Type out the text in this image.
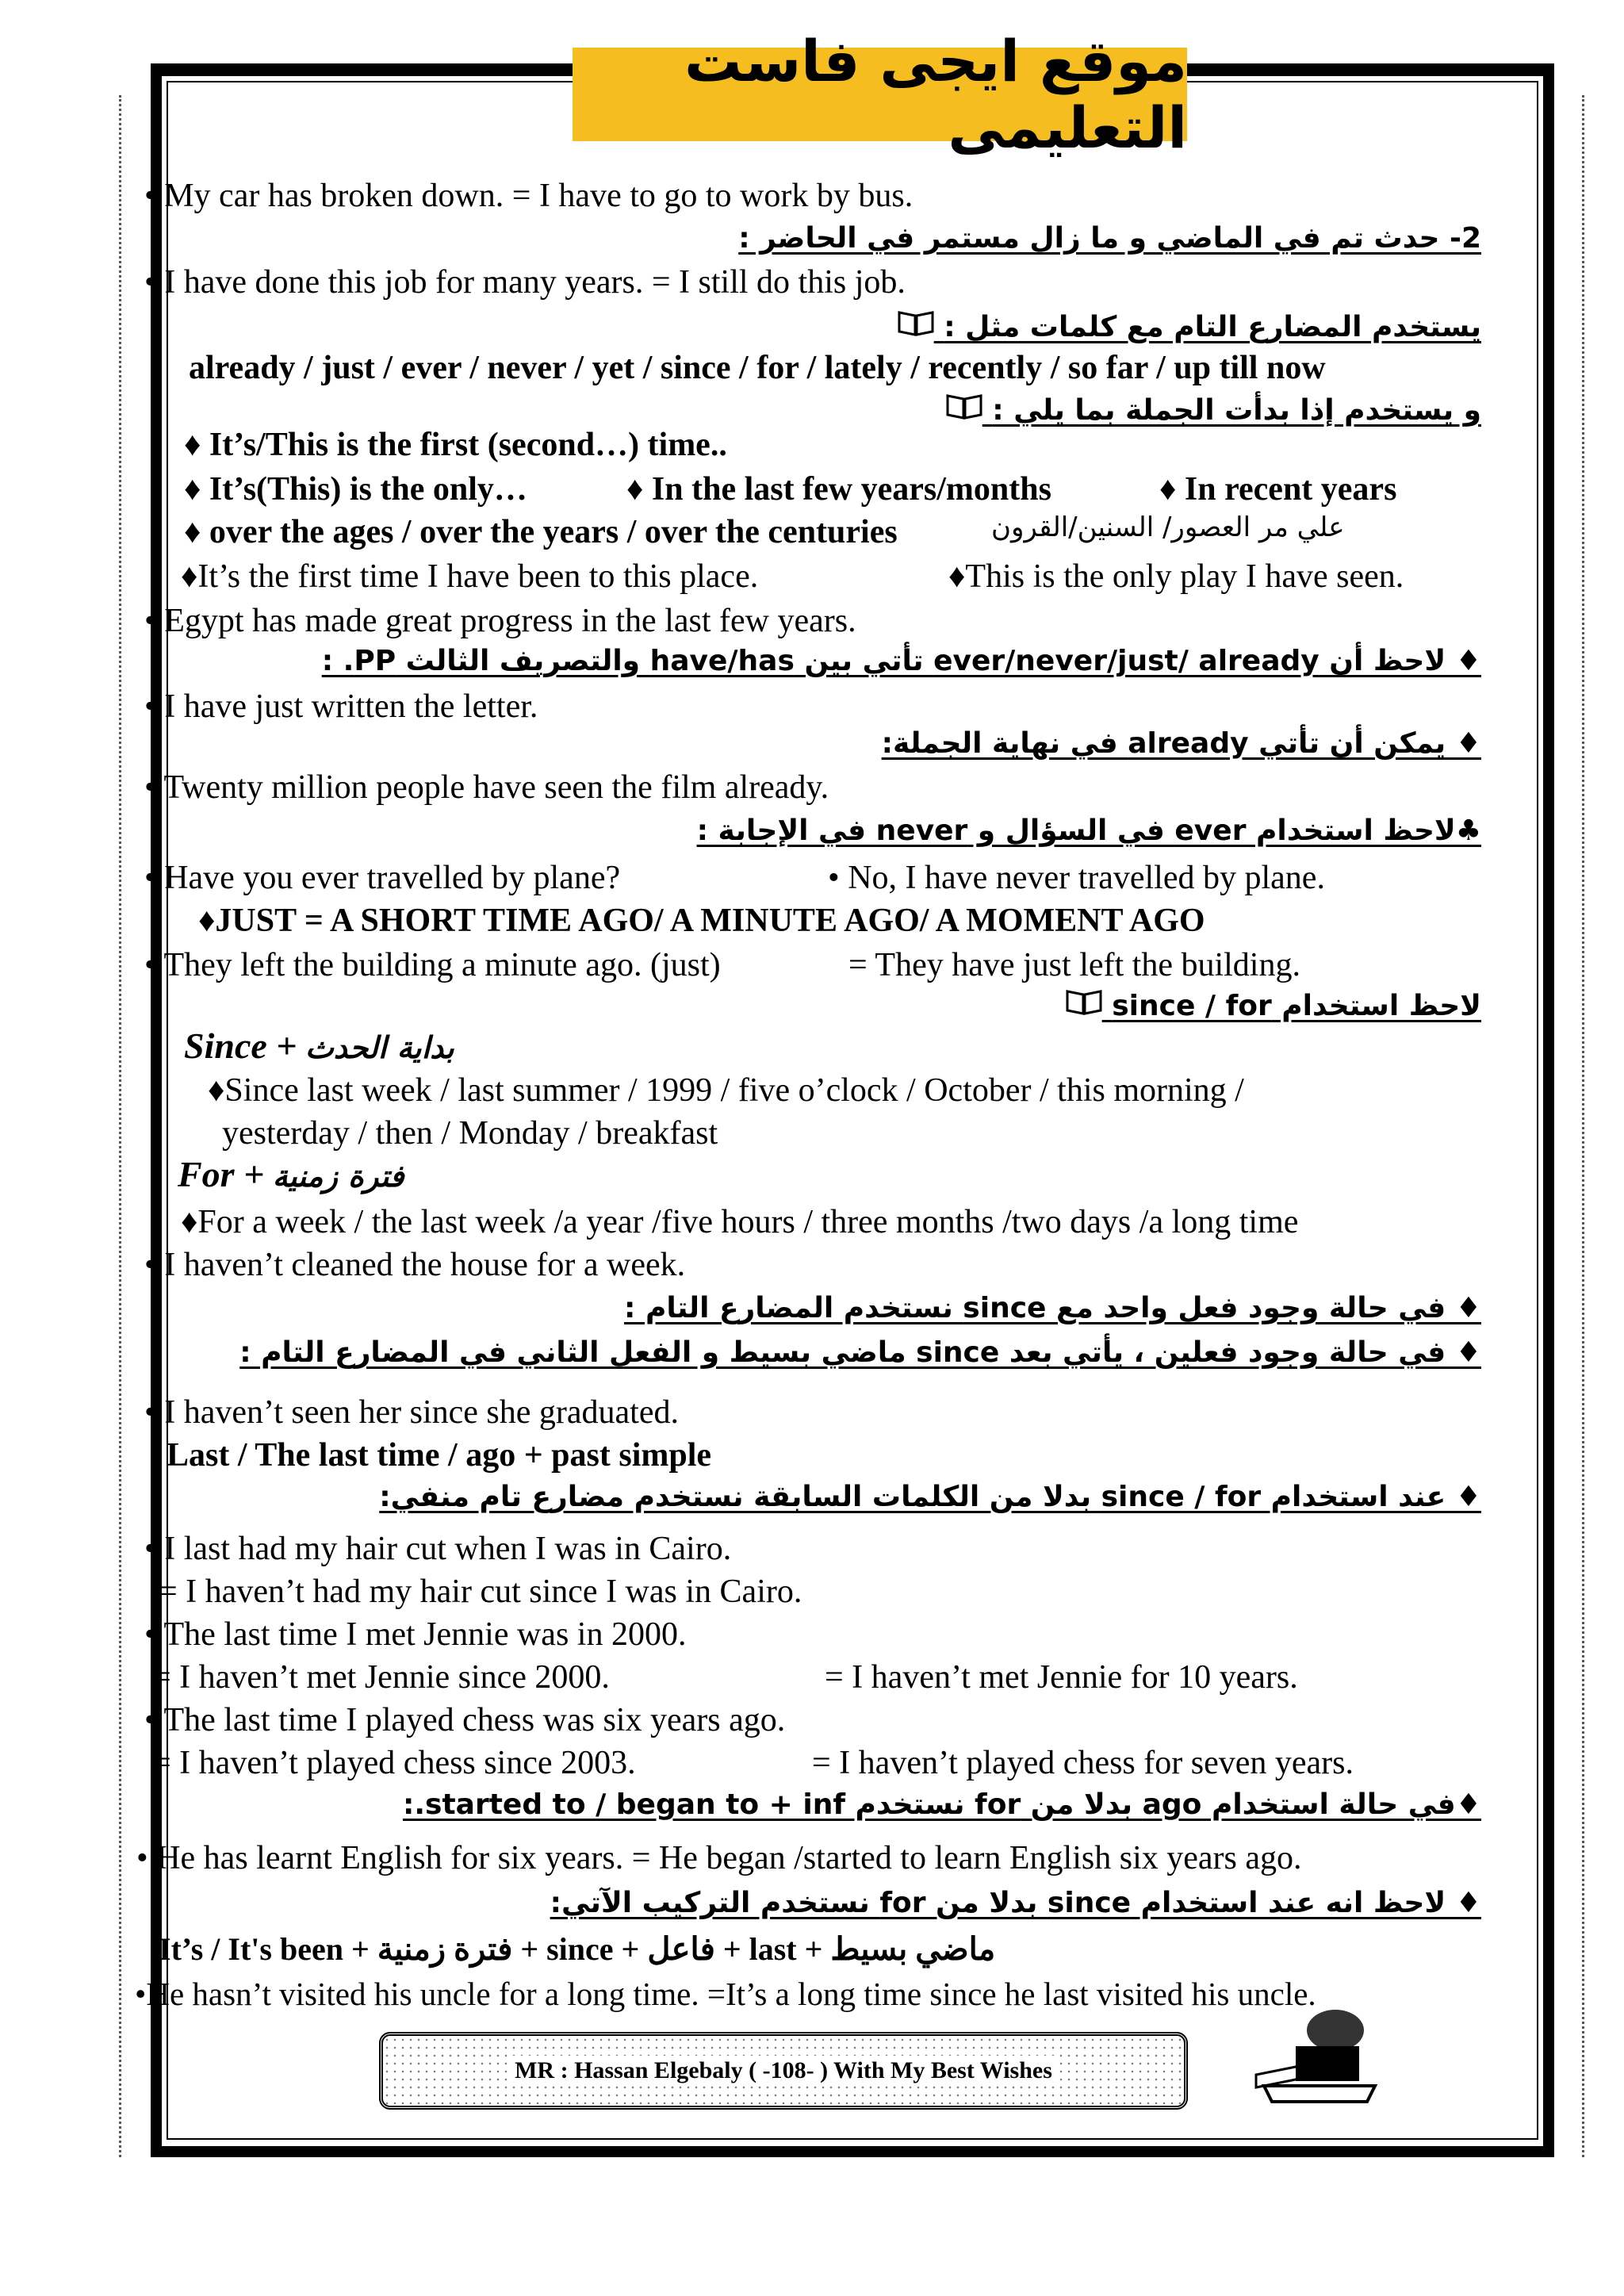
موقع ايجى فاست التعليمى
• My car has broken down. = I have to go to work by bus.
2- حدث تم في الماضي و ما زال مستمر في الحاضر :
• I have done this job for many years. = I still do this job.
يستخدم المضارع التام مع كلمات مثل :
already / just / ever / never / yet / since / for / lately / recently / so far / up till now
و يستخدم إذا بدأت الجملة بما يلي :
♦ It’s/This is the first (second…) time..
♦ It’s(This) is the only…	♦ In the last few years/months	♦ In recent years
♦ over the ages / over the years / over the centuries	علي مر العصور/ السنين/القرون
♦It’s the first time I have been to this place.	♦This is the only play I have seen.
• Egypt has made great progress in the last few years.
♦ لاحظ أن ever/never/just/ already تأتي بين have/has والتصريف الثالث PP. :
• I have just written the letter.
♦ يمكن أن تأتي already في نهاية الجملة:
• Twenty million people have seen the film already.
♣لاحظ استخدام ever في السؤال و never في الإجابة :
• Have you ever travelled by plane?	• No, I have never travelled by plane.
♦JUST = A SHORT TIME AGO/ A MINUTE AGO/ A MOMENT AGO
• They left the building a minute ago. (just)	= They have just left the building.
لاحظ استخدام since / for
Since + بداية الحدث
♦Since last week / last summer / 1999 / five o’clock / October / this morning /
yesterday / then / Monday / breakfast
For + فترة زمنية
♦For a week / the last week /a year /five hours / three months /two days /a long time
• I haven’t cleaned the house for a week.
♦ في حالة وجود فعل واحد مع since نستخدم المضارع التام :
♦ في حالة وجود فعلين ، يأتي بعد since ماضي بسيط و الفعل الثاني في المضارع التام :
• I haven’t seen her since she graduated.
Last / The last time / ago + past simple
♦ عند استخدام since / for بدلا من الكلمات السابقة نستخدم مضارع تام منفي:
• I last had my hair cut when I was in Cairo.
= I haven’t had my hair cut since I was in Cairo.
• The last time I met Jennie was in 2000.
= I haven’t met Jennie since 2000.	= I haven’t met Jennie for 10 years.
• The last time I played chess was six years ago.
= I haven’t played chess since 2003.	= I haven’t played chess for seven years.
♦في حالة استخدام ago بدلا من for نستخدم started to / began to + inf.:
• He has learnt English for six years. = He began /started to learn English six years ago.
♦ لاحظ انه عند استخدام since بدلا من for نستخدم التركيب الآتي:
It’s / It's been + فترة زمنية + since + فاعل + last + ماضي بسيط
•He hasn’t visited his uncle for a long time. =It’s a long time since he last visited his uncle.
MR : Hassan Elgebaly ( -108- ) With My Best Wishes
